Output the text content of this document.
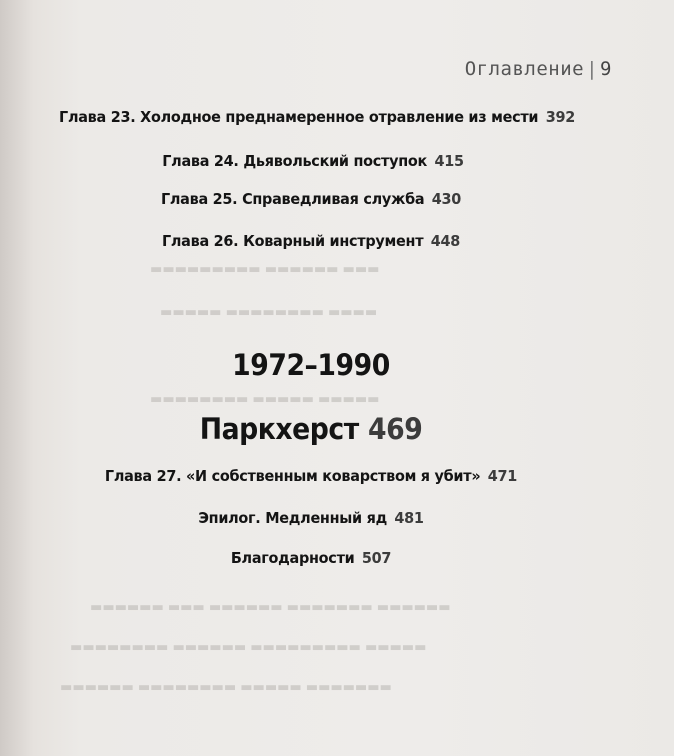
▬▬▬ ▬▬▬▬▬▬ ▬▬▬▬▬▬▬▬▬
▬▬▬▬ ▬▬▬▬▬▬▬▬ ▬▬▬▬▬
▬▬▬▬▬ ▬▬▬▬▬ ▬▬▬▬▬▬▬▬
▬▬▬▬▬▬ ▬▬▬▬▬▬▬ ▬▬▬▬▬▬ ▬▬▬ ▬▬▬▬▬▬
▬▬▬▬▬ ▬▬▬▬▬▬▬▬▬ ▬▬▬▬▬▬ ▬▬▬▬▬▬▬▬
▬▬▬▬▬▬▬ ▬▬▬▬▬ ▬▬▬▬▬▬▬▬ ▬▬▬▬▬▬
Оглавление | 9
Глава 23. Холодное преднамеренное отравление из мести 392
Глава 24. Дьявольский поступок 415
Глава 25. Справедливая служба 430
Глава 26. Коварный инструмент 448
1972–1990
Паркхерст 469
Глава 27. «И собственным коварством я убит» 471
Эпилог. Медленный яд 481
Благодарности 507
